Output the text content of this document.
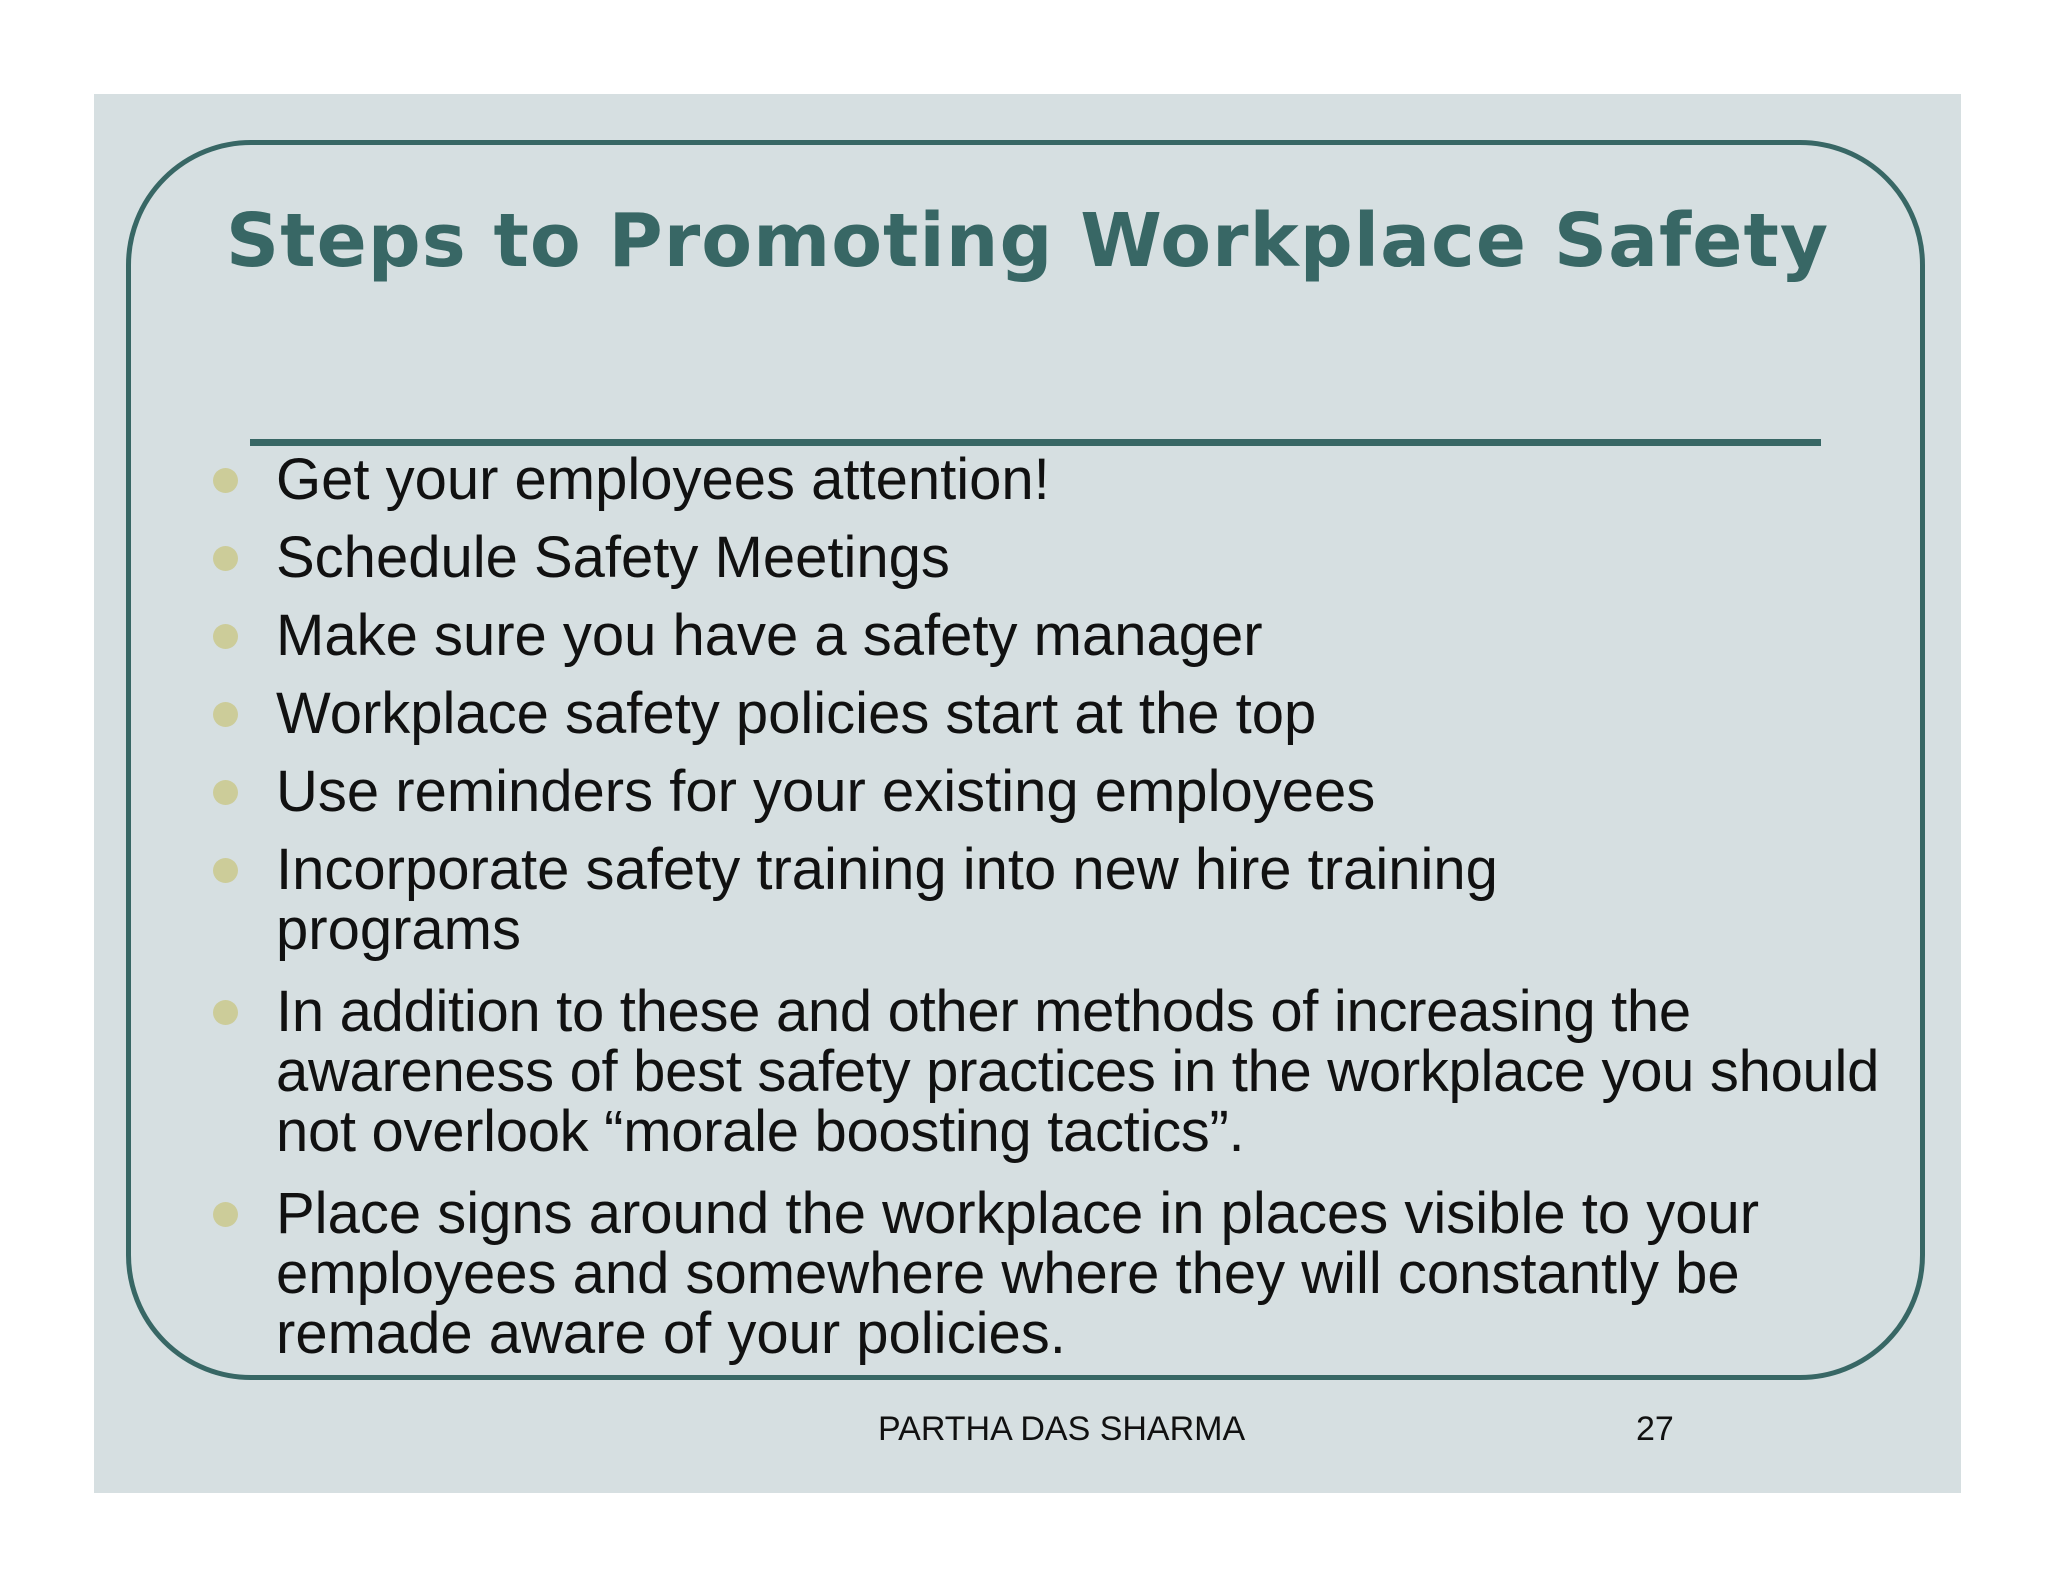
Steps to Promoting Workplace Safety
Get your employees attention!
Schedule Safety Meetings
Make sure you have a safety manager
Workplace safety policies start at the top
Use reminders for your existing employees
Incorporate safety training into new hire training programs
In addition to these and other methods of increasing the awareness of best safety practices in the workplace you should not overlook “morale boosting tactics”.
Place signs around the workplace in places visible to your employees and somewhere where they will constantly be remade aware of your policies.
PARTHA DAS SHARMA	27
